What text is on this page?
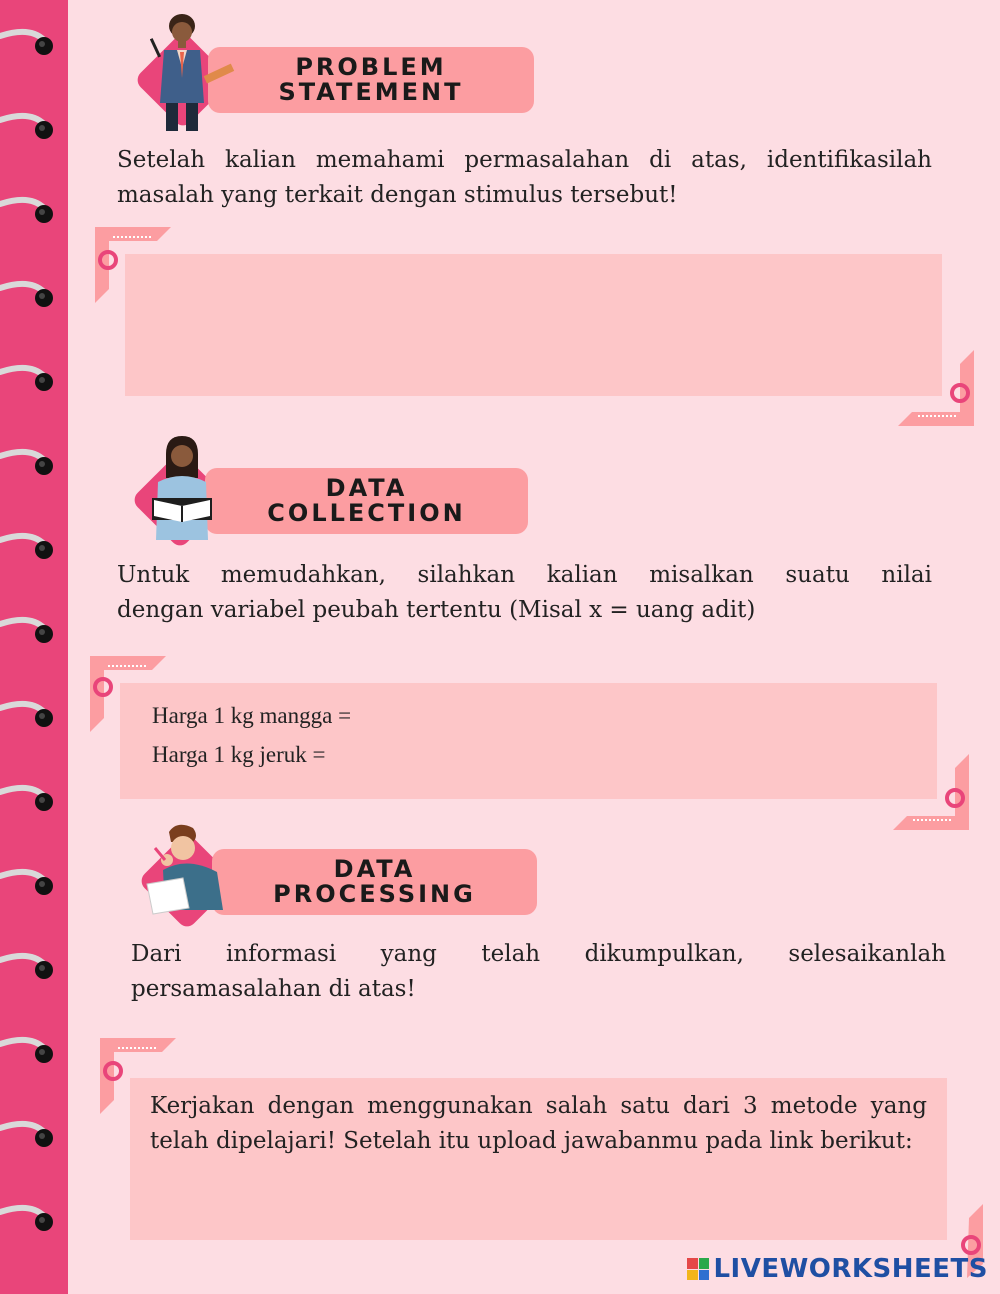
PROBLEM
STATEMENT
Setelah kalian memahami permasalahan di atas, identifikasilah
masalah yang terkait dengan stimulus tersebut!
DATA
COLLECTION
Untuk memudahkan, silahkan kalian misalkan suatu nilai
dengan variabel peubah tertentu (Misal x = uang adit)
Harga 1 kg mangga =
Harga 1 kg jeruk =
DATA
PROCESSING
Dari informasi yang telah dikumpulkan, selesaikanlah
persamasalahan di atas!
Kerjakan dengan menggunakan salah satu dari 3 metode yang telah dipelajari! Setelah itu upload jawabanmu pada link berikut:
LIVEWORKSHEETS
